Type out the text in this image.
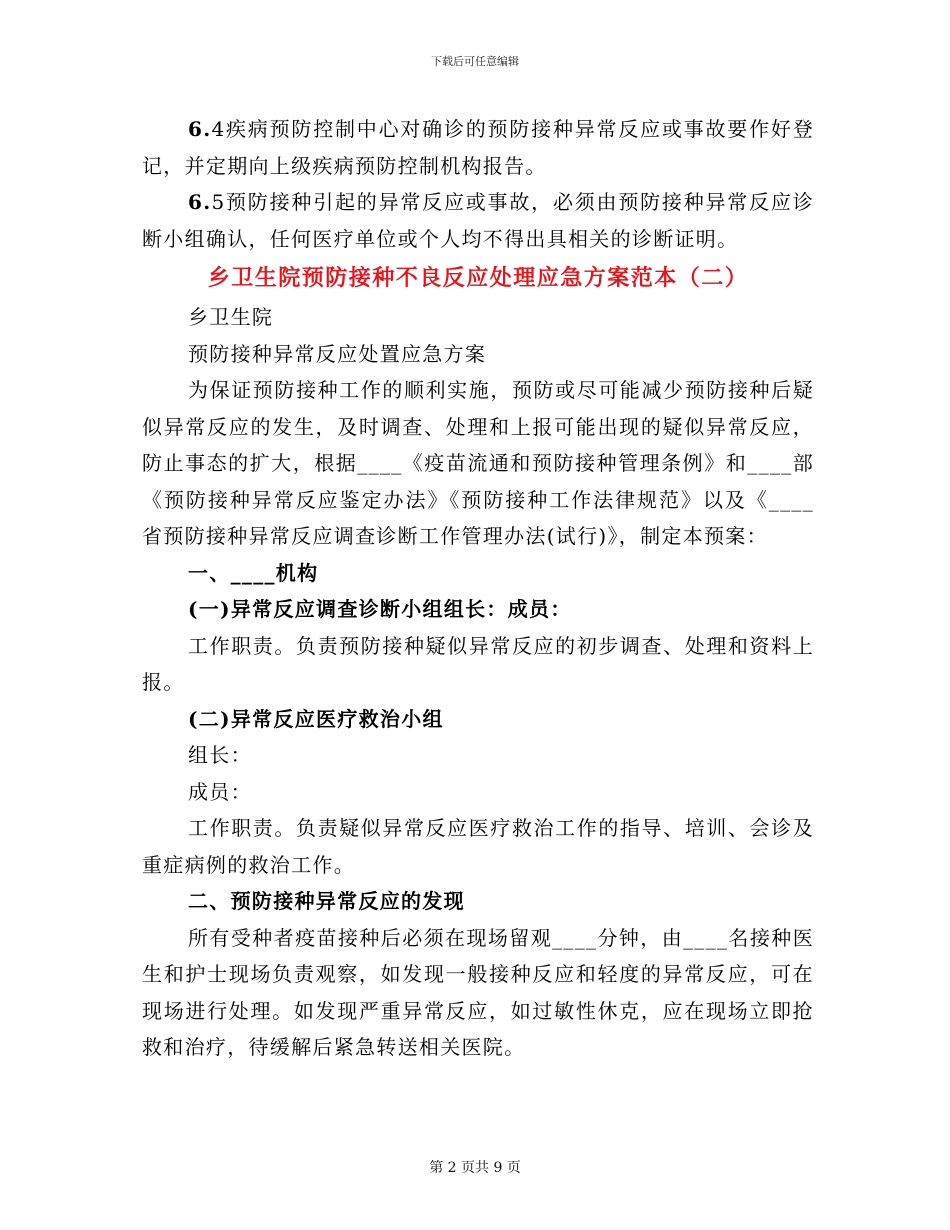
下载后可任意编辑

6.4疾病预防控制中心对确诊的预防接种异常反应或事故要作好登记，并定期向上级疾病预防控制机构报告。

6.5预防接种引起的异常反应或事故，必须由预防接种异常反应诊断小组确认，任何医疗单位或个人均不得出具相关的诊断证明。

乡卫生院预防接种不良反应处理应急方案范本（二）

乡卫生院

预防接种异常反应处置应急方案

为保证预防接种工作的顺利实施，预防或尽可能减少预防接种后疑似异常反应的发生，及时调查、处理和上报可能出现的疑似异常反应，防止事态的扩大，根据____《疫苗流通和预防接种管理条例》和____部《预防接种异常反应鉴定办法》《预防接种工作法律规范》以及《____省预防接种异常反应调查诊断工作管理办法(试行)》，制定本预案：

一、____机构

(一)异常反应调查诊断小组组长：成员：

工作职责。负责预防接种疑似异常反应的初步调查、处理和资料上报。

(二)异常反应医疗救治小组

组长：

成员：

工作职责。负责疑似异常反应医疗救治工作的指导、培训、会诊及重症病例的救治工作。

二、预防接种异常反应的发现

所有受种者疫苗接种后必须在现场留观____分钟，由____名接种医生和护士现场负责观察，如发现一般接种反应和轻度的异常反应，可在现场进行处理。如发现严重异常反应，如过敏性休克，应在现场立即抢救和治疗，待缓解后紧急转送相关医院。

第 2 页共 9 页
